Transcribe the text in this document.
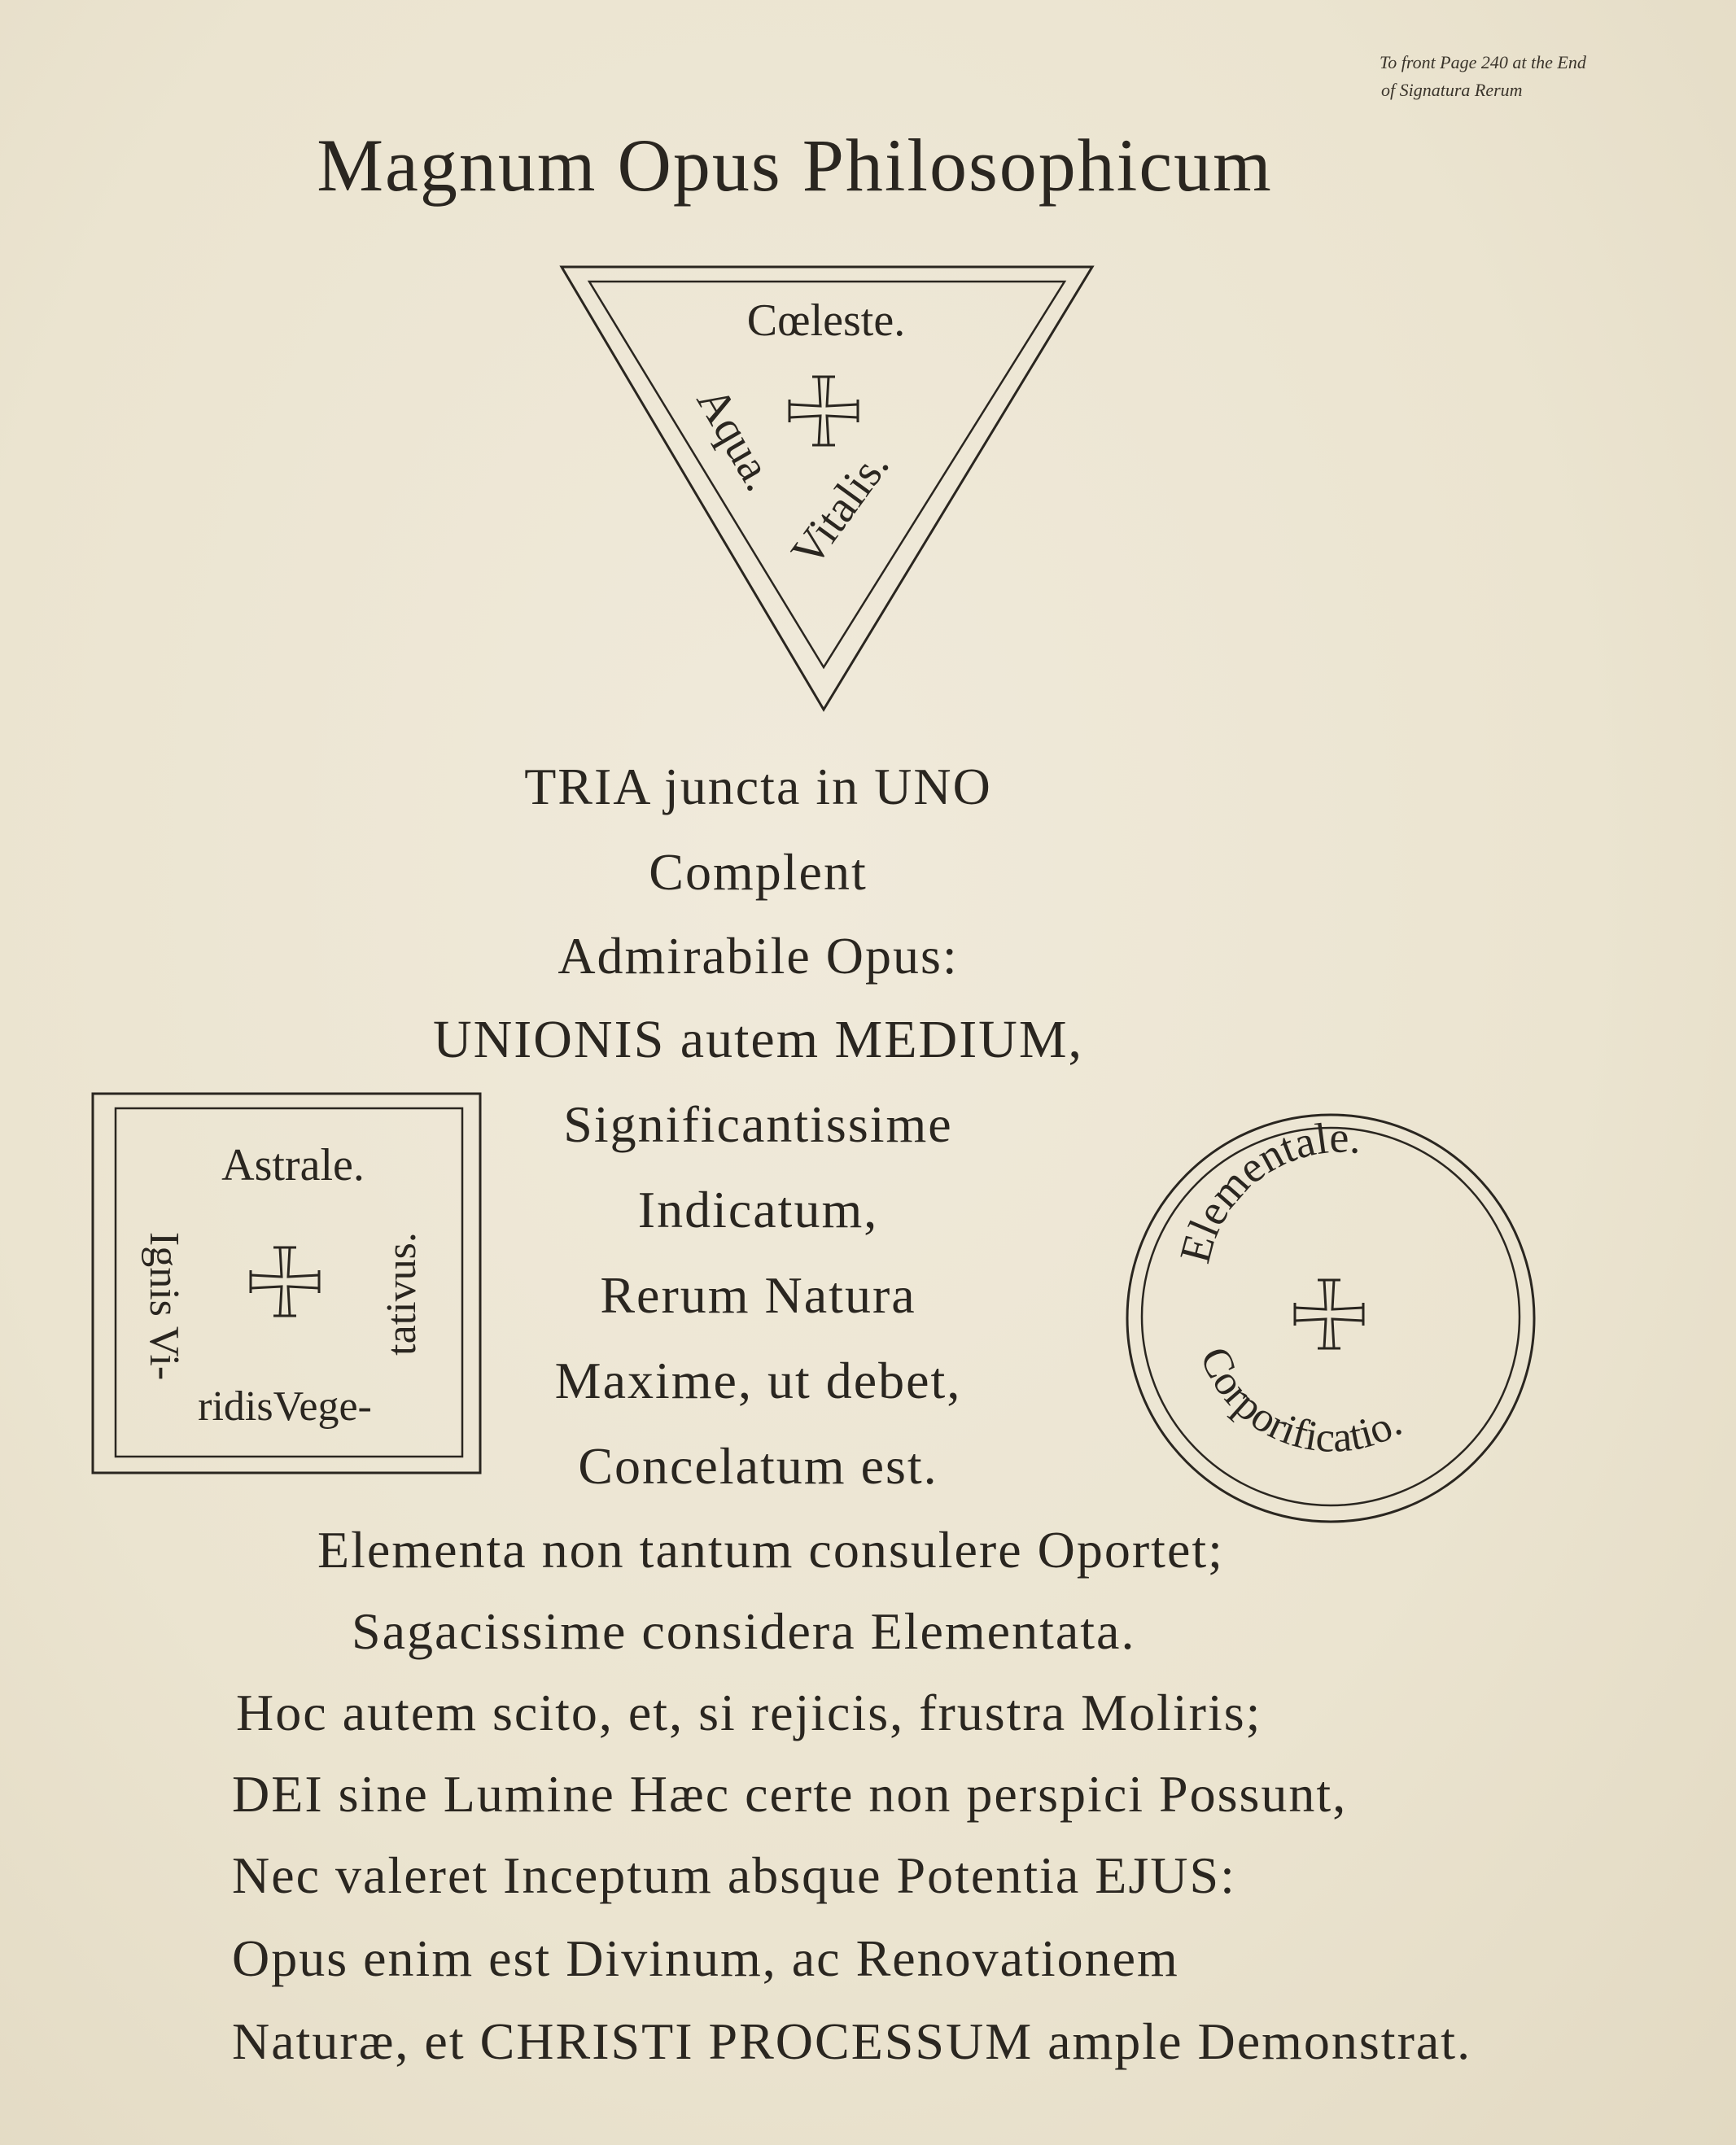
To front Page 240 at the End
of Signatura Rerum
Magnum Opus Philosophicum
Cœleste.
Aqua.
Vitalis.
TRIA juncta in UNO
Complent
Admirabile Opus:
UNIONIS autem MEDIUM,
Significantissime
Indicatum,
Rerum Natura
Maxime, ut debet,
Concelatum est.
Astrale.
Ignis Vi-
ridisVege-
tativus.	Elementale.
Corporificatio.
Elementa non tantum consulere Oportet;
Sagacissime considera Elementata.
Hoc autem scito, et, si rejicis, frustra Moliris;
DEI sine Lumine Hæc certe non perspici Possunt,
Nec valeret Inceptum absque Potentia EJUS:
Opus enim est Divinum, ac Renovationem
Naturæ, et CHRISTI PROCESSUM ample Demonstrat.
